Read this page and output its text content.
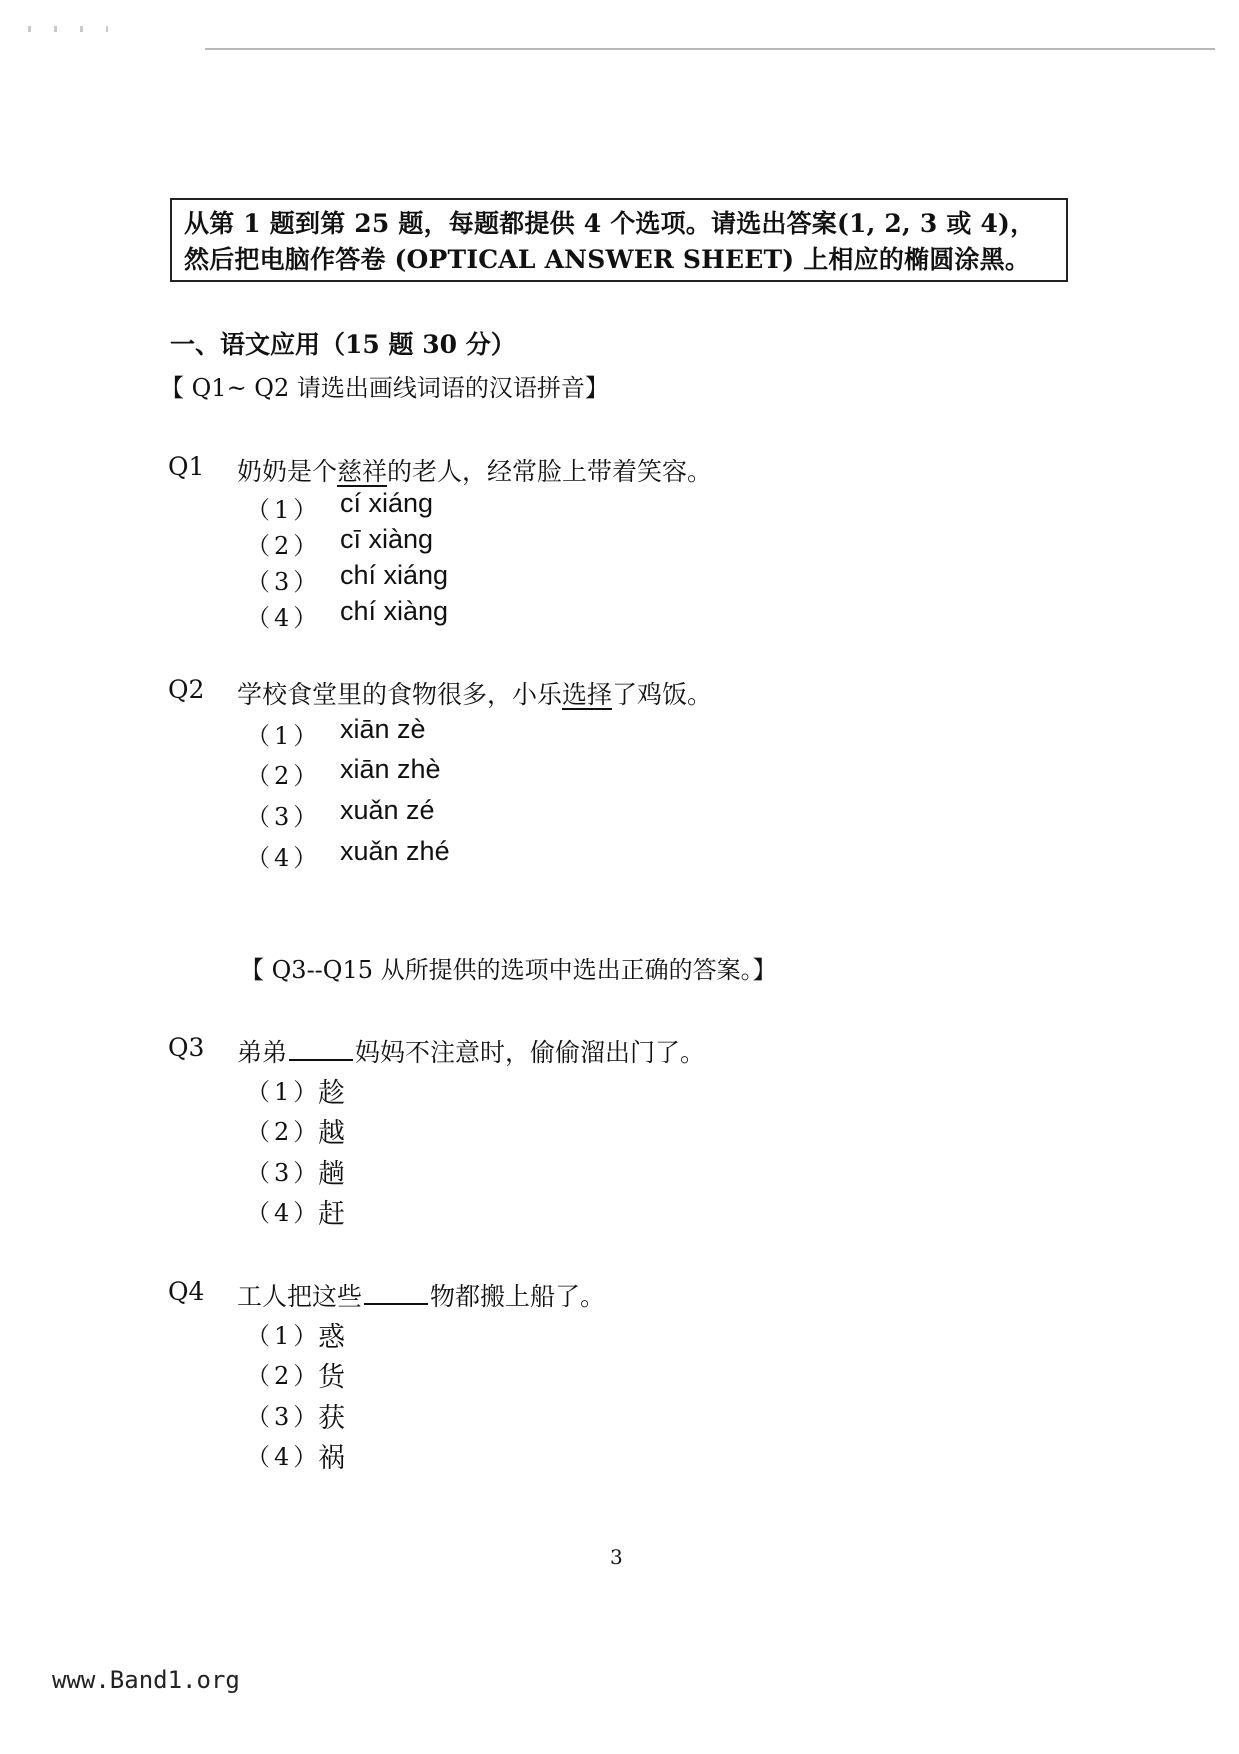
从第 1 题到第 25 题，每题都提供 4 个选项。请选出答案(1, 2, 3 或 4)，
然后把电脑作答卷 (OPTICAL ANSWER SHEET) 上相应的椭圆涂黑。
一、语文应用（15 题 30 分）
【 Q1~ Q2 请选出画线词语的汉语拼音】
Q1 奶奶是个慈祥的老人，经常脸上带着笑容。
（1） cí xiáng
（2） cī xiàng
（3） chí xiáng
（4） chí xiàng
Q2 学校食堂里的食物很多，小乐选择了鸡饭。
（1） xiān zè
（2） xiān zhè
（3） xuǎn zé
（4） xuǎn zhé
【 Q3--Q15 从所提供的选项中选出正确的答案。】
Q3 弟弟	妈妈不注意时，偷偷溜出门了。
（1）
趁
（2）
越
（3）
趟
（4）
赶
Q4 工人把这些	物都搬上船了。
（1）
惑
（2）
货
（3）
获
（4）
祸
3
www.Band1.org
